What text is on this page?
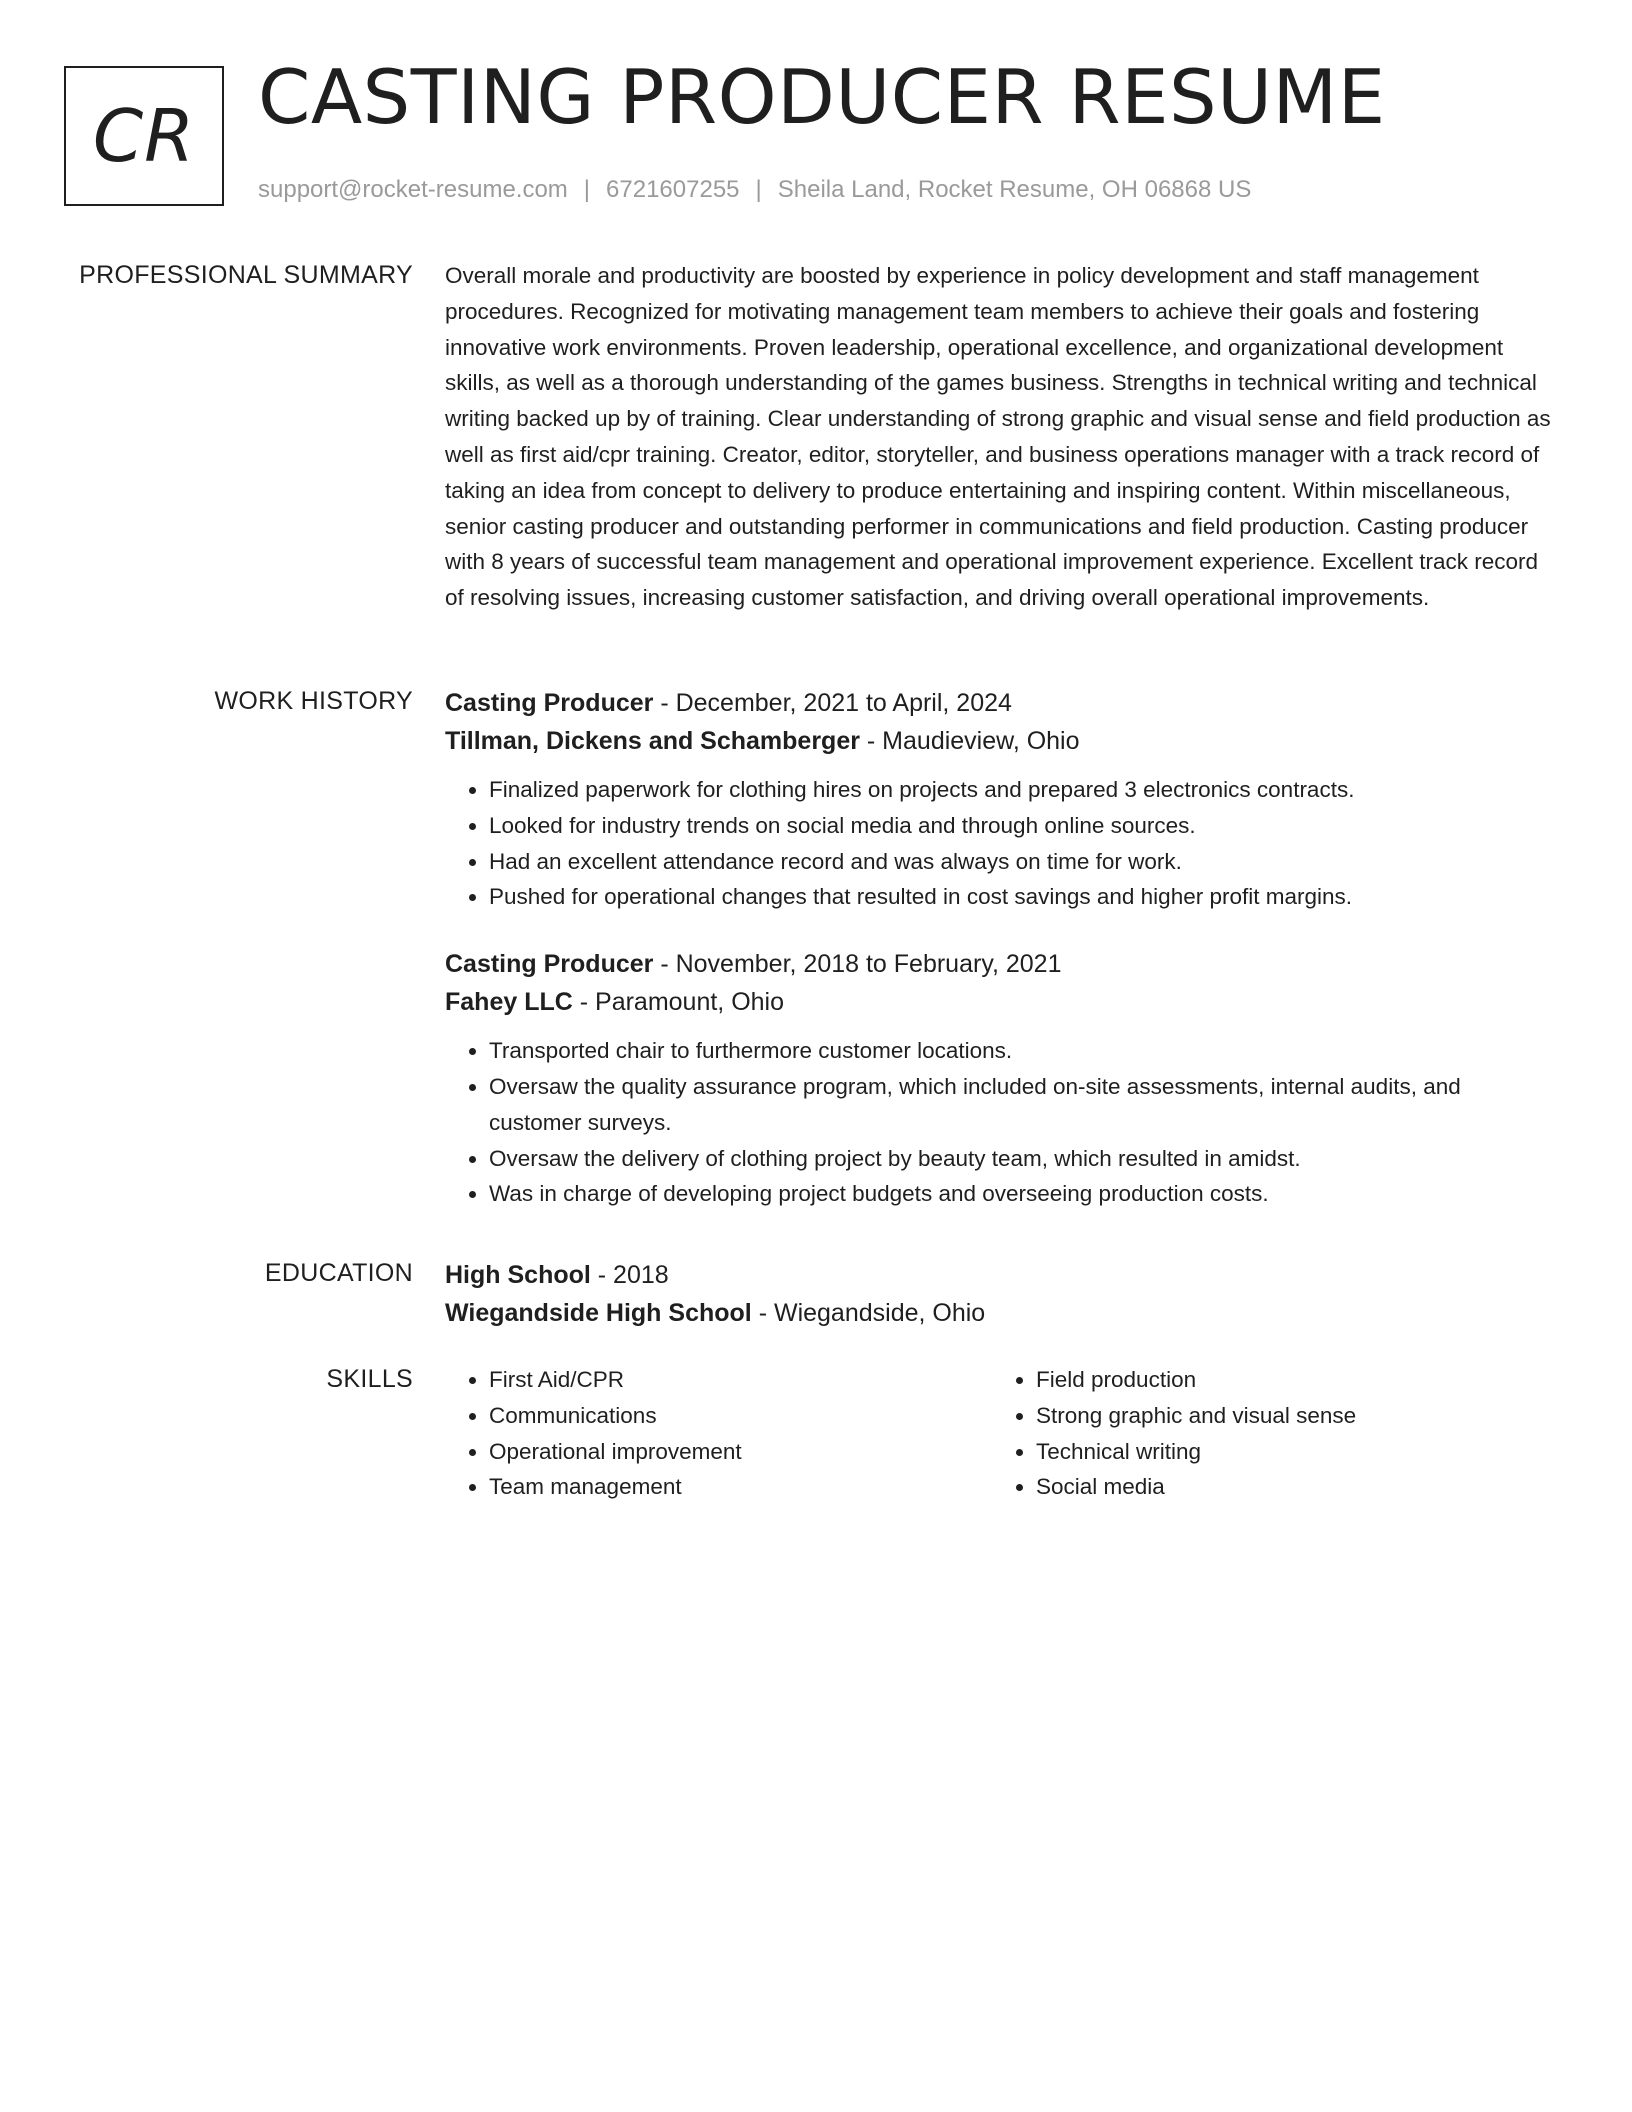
CR CASTING PRODUCER RESUME
support@rocket-resume.com | 6721607255 | Sheila Land, Rocket Resume, OH 06868 US
PROFESSIONAL SUMMARY Overall morale and productivity are boosted by experience in policy development and staff management procedures. Recognized for motivating management team members to achieve their goals and fostering innovative work environments. Proven leadership, operational excellence, and organizational development skills, as well as a thorough understanding of the games business. Strengths in technical writing and technical writing backed up by of training. Clear understanding of strong graphic and visual sense and field production as well as first aid/cpr training. Creator, editor, storyteller, and business operations manager with a track record of taking an idea from concept to delivery to produce entertaining and inspiring content. Within miscellaneous, senior casting producer and outstanding performer in communications and field production. Casting producer with 8 years of successful team management and operational improvement experience. Excellent track record of resolving issues, increasing customer satisfaction, and driving overall operational improvements.

WORK HISTORY Casting Producer - December, 2021 to April, 2024
Tillman, Dickens and Schamberger - Maudieview, Ohio
• Finalized paperwork for clothing hires on projects and prepared 3 electronics contracts.
• Looked for industry trends on social media and through online sources.
• Had an excellent attendance record and was always on time for work.
• Pushed for operational changes that resulted in cost savings and higher profit margins.
Casting Producer - November, 2018 to February, 2021
Fahey LLC - Paramount, Ohio
• Transported chair to furthermore customer locations.
• Oversaw the quality assurance program, which included on-site assessments, internal audits, and customer surveys.
• Oversaw the delivery of clothing project by beauty team, which resulted in amidst.
• Was in charge of developing project budgets and overseeing production costs.
EDUCATION High School - 2018
Wiegandside High School - Wiegandside, Ohio
SKILLS
•	First Aid/CPR
• Communications
• Operational improvement
• Team management
• Field production
• Strong graphic and visual sense
• Technical writing
• Social media
